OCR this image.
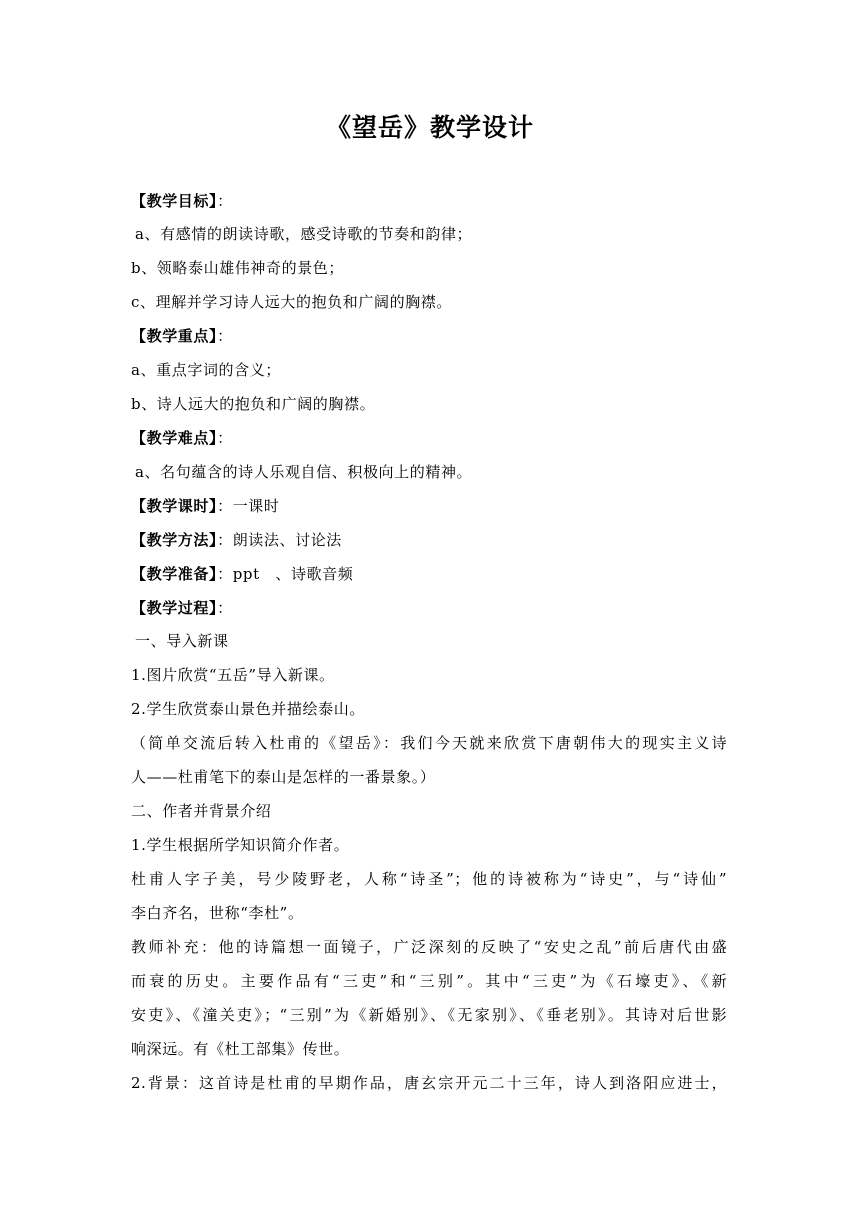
《望岳》教学设计
【教学目标】：
a、有感情的朗读诗歌，感受诗歌的节奏和韵律；
b、领略泰山雄伟神奇的景色；
c、理解并学习诗人远大的抱负和广阔的胸襟。
【教学重点】：
a、重点字词的含义；
b、诗人远大的抱负和广阔的胸襟。
【教学难点】：
a、名句蕴含的诗人乐观自信、积极向上的精神。
【教学课时】：一课时
【教学方法】：朗读法、讨论法
【教学准备】：ppt　、诗歌音频
【教学过程】：
一、导入新课
1.图片欣赏“五岳”导入新课。
2.学生欣赏泰山景色并描绘泰山。
（简单交流后转入杜甫的《望岳》：我们今天就来欣赏下唐朝伟大的现实主义诗
人——杜甫笔下的泰山是怎样的一番景象。）
二、作者并背景介绍
1.学生根据所学知识简介作者。
杜甫人字子美，号少陵野老，人称“诗圣”；他的诗被称为“诗史”，与“诗仙”
李白齐名，世称“李杜”。
教师补充：他的诗篇想一面镜子，广泛深刻的反映了“安史之乱”前后唐代由盛
而衰的历史。主要作品有“三吏”和“三别”。其中“三吏”为《石壕吏》、《新
安吏》、《潼关吏》；“三别”为《新婚别》、《无家别》、《垂老别》。其诗对后世影
响深远。有《杜工部集》传世。
2.背景：这首诗是杜甫的早期作品，唐玄宗开元二十三年，诗人到洛阳应进士，
